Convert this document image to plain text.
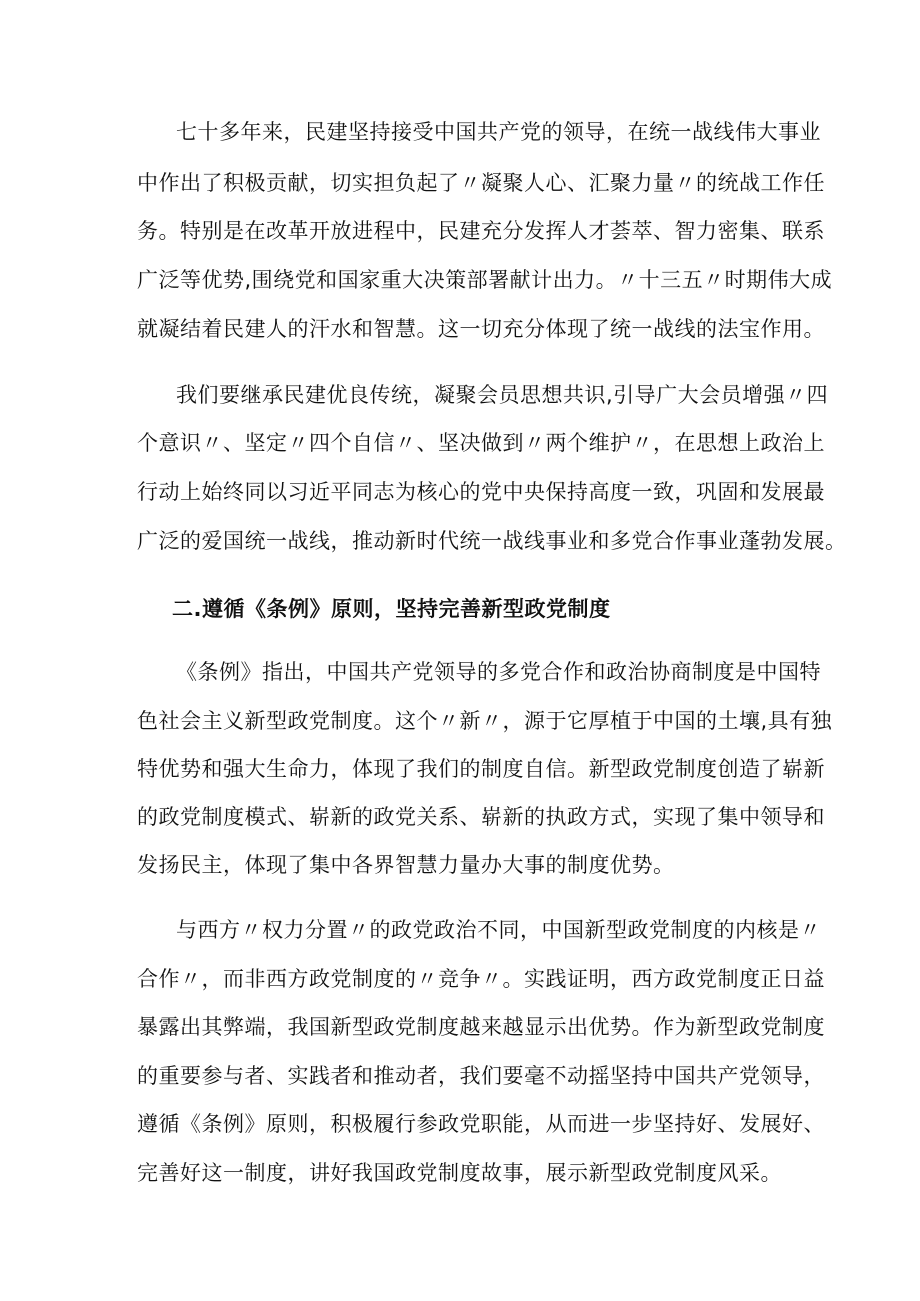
七十多年来，民建坚持接受中国共产党的领导，在统一战线伟大事业
中作出了积极贡献，切实担负起了〃凝聚人心、汇聚力量〃的统战工作任
务。特别是在改革开放进程中，民建充分发挥人才荟萃、智力密集、联系
广泛等优势,围绕党和国家重大决策部署献计出力。〃十三五〃时期伟大成
就凝结着民建人的汗水和智慧。这一切充分体现了统一战线的法宝作用。
我们要继承民建优良传统，凝聚会员思想共识,引导广大会员增强〃四
个意识〃、坚定〃四个自信〃、坚决做到〃两个维护〃，在思想上政治上
行动上始终同以习近平同志为核心的党中央保持高度一致，巩固和发展最
广泛的爱国统一战线，推动新时代统一战线事业和多党合作事业蓬勃发展。
二.遵循《条例》原则，坚持完善新型政党制度
《条例》指出，中国共产党领导的多党合作和政治协商制度是中国特
色社会主义新型政党制度。这个〃新〃，源于它厚植于中国的土壤,具有独
特优势和强大生命力，体现了我们的制度自信。新型政党制度创造了崭新
的政党制度模式、崭新的政党关系、崭新的执政方式，实现了集中领导和
发扬民主，体现了集中各界智慧力量办大事的制度优势。
与西方〃权力分置〃的政党政治不同，中国新型政党制度的内核是〃
合作〃，而非西方政党制度的〃竞争〃。实践证明，西方政党制度正日益
暴露出其弊端，我国新型政党制度越来越显示出优势。作为新型政党制度
的重要参与者、实践者和推动者，我们要毫不动摇坚持中国共产党领导，
遵循《条例》原则，积极履行参政党职能，从而进一步坚持好、发展好、
完善好这一制度，讲好我国政党制度故事，展示新型政党制度风采。
